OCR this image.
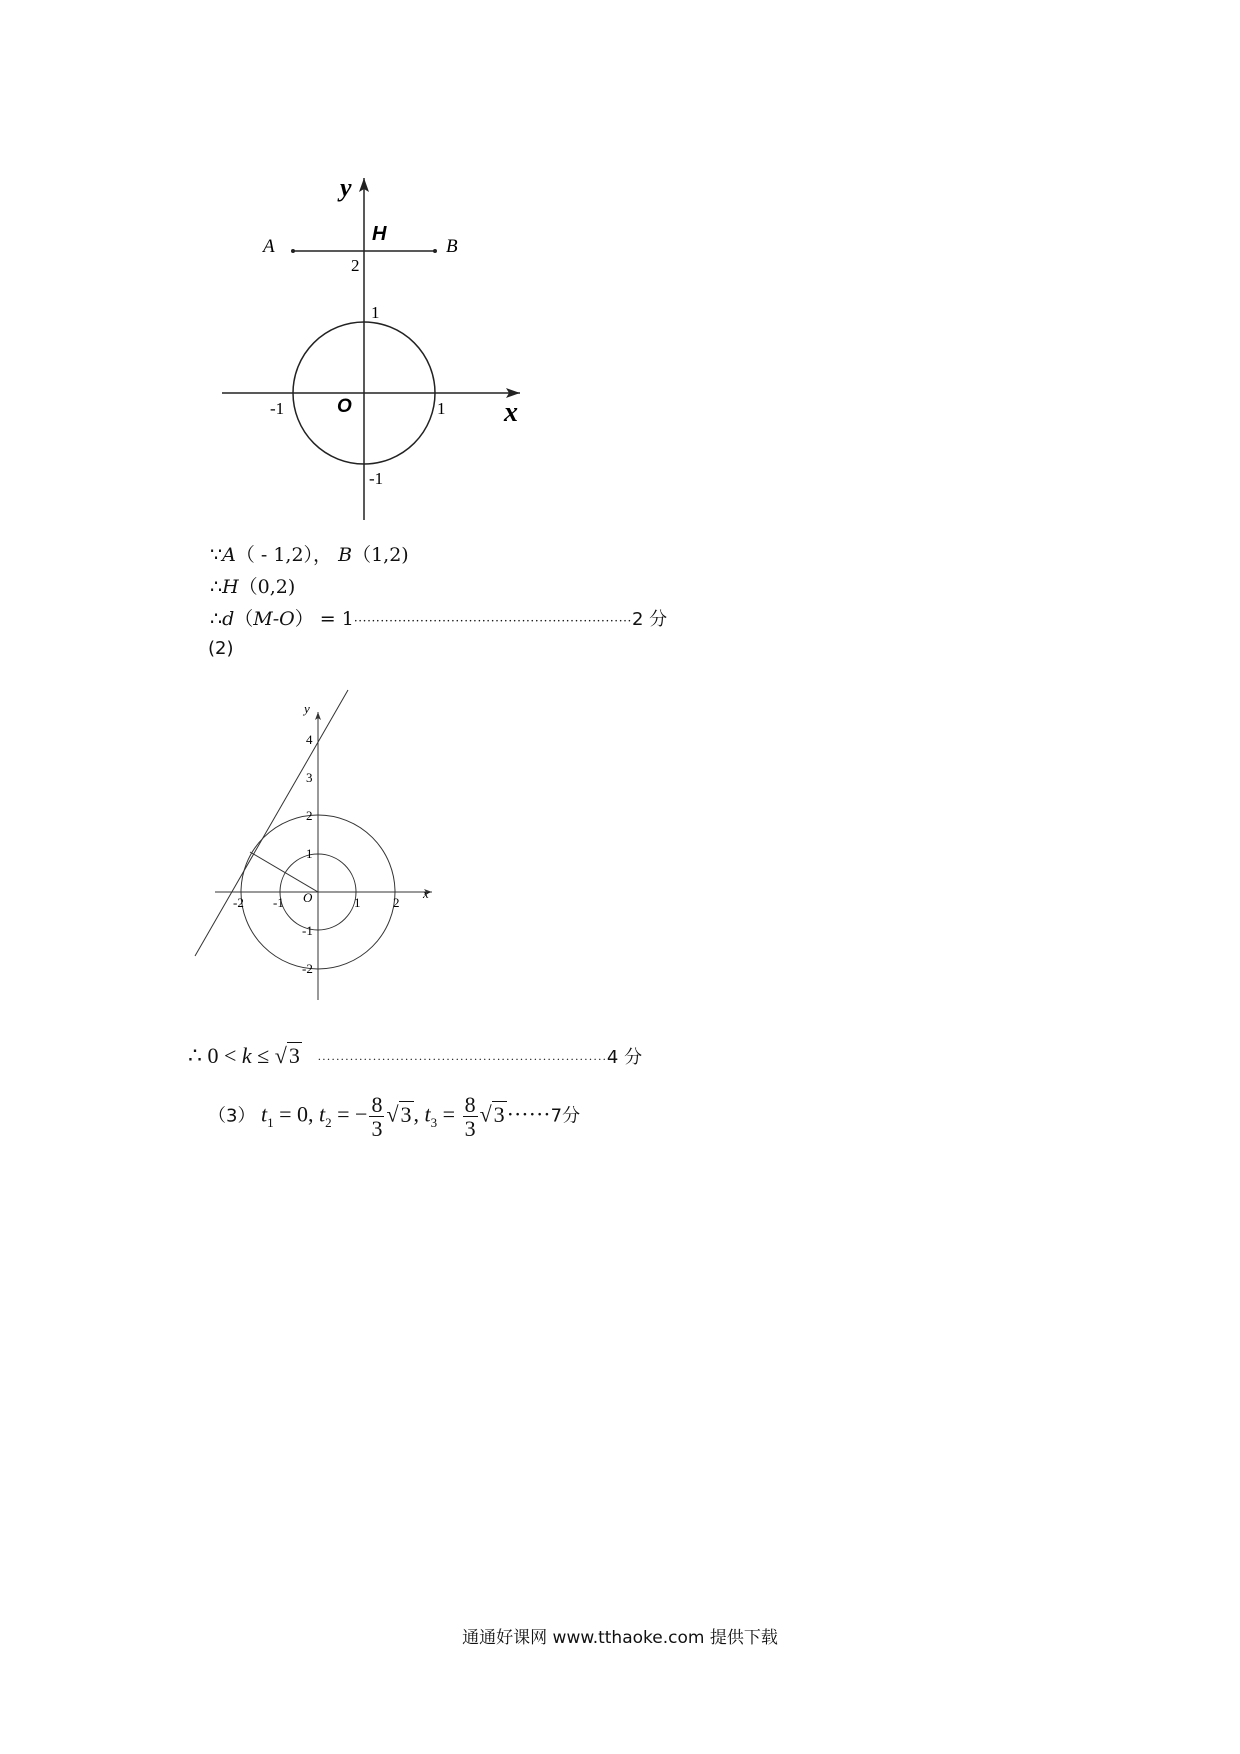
y
x
A	B
H
2
1
1
-1
-1
O
∵A（ - 1,2）， B（1,2)
∴H（0,2)
∴d（M-O） = 1·······························································2 分
(2)
y
x
4
3
2
1
-1
-2
-2 -1	1	2
O
∴ 0 < k ≤ √3 ·······························································4 分
（3） $t_1 = 0$, $t_2$ = − $\frac{8}{3} √3$, $t_3 = \frac{8}{3} √3\cdot\cdot\cdot\cdot\cdot\cdot 7$分
通通好课网 www.tthaoke.com 提供下载
